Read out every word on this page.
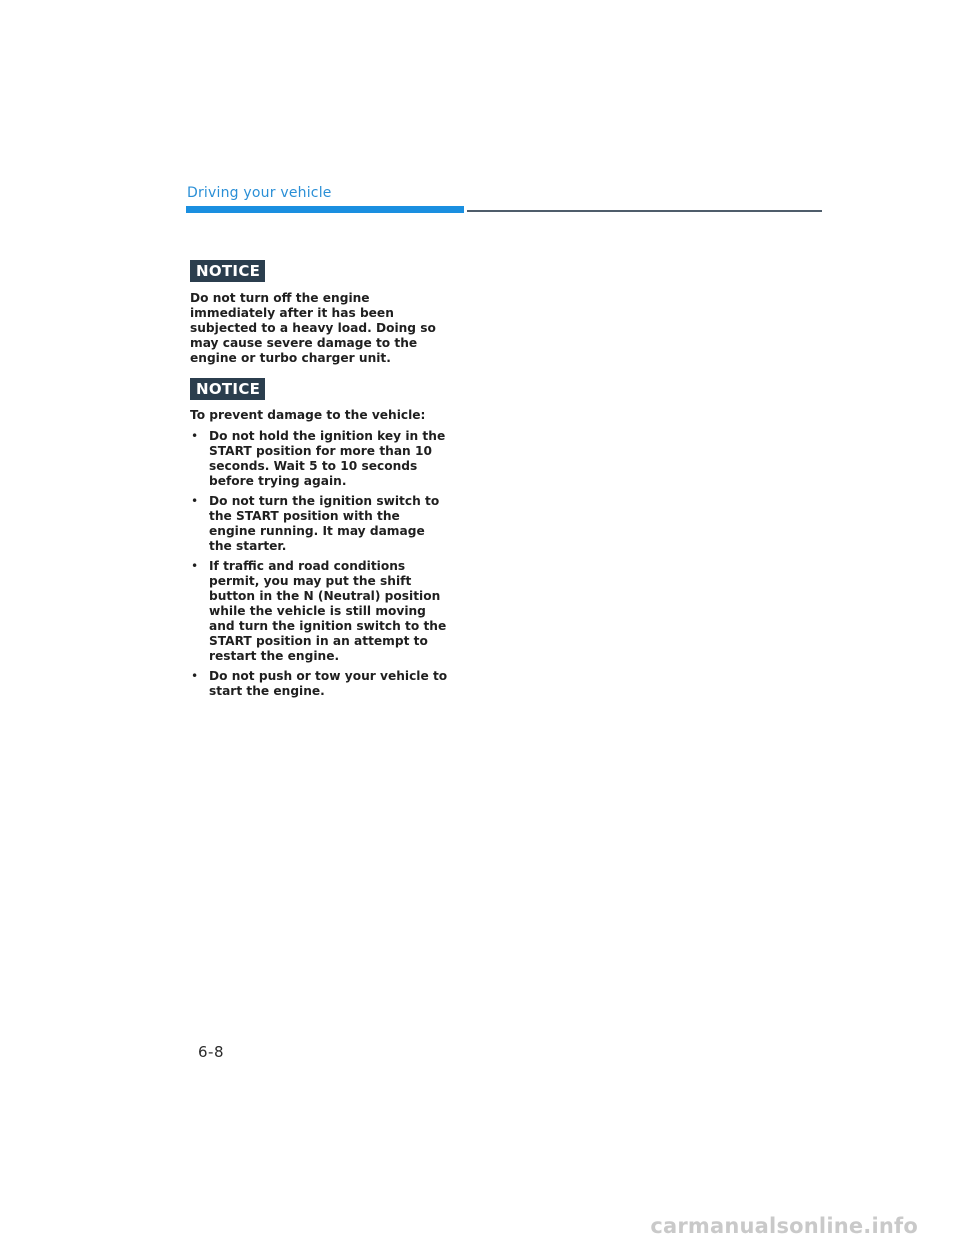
Driving your vehicle
NOTICE

Do not turn off the engine immediately after it has been subjected to a heavy load. Doing so may cause severe damage to the engine or turbo charger unit.

NOTICE

To prevent damage to the vehicle:

• Do not hold the ignition key in the START position for more than 10 seconds. Wait 5 to 10 seconds before trying again.
• Do not turn the ignition switch to the START position with the engine running. It may damage the starter.
• If traffic and road conditions permit, you may put the shift button in the N (Neutral) position while the vehicle is still moving and turn the ignition switch to the START position in an attempt to restart the engine.
• Do not push or tow your vehicle to start the engine.
6-8
carmanualsonline.info
